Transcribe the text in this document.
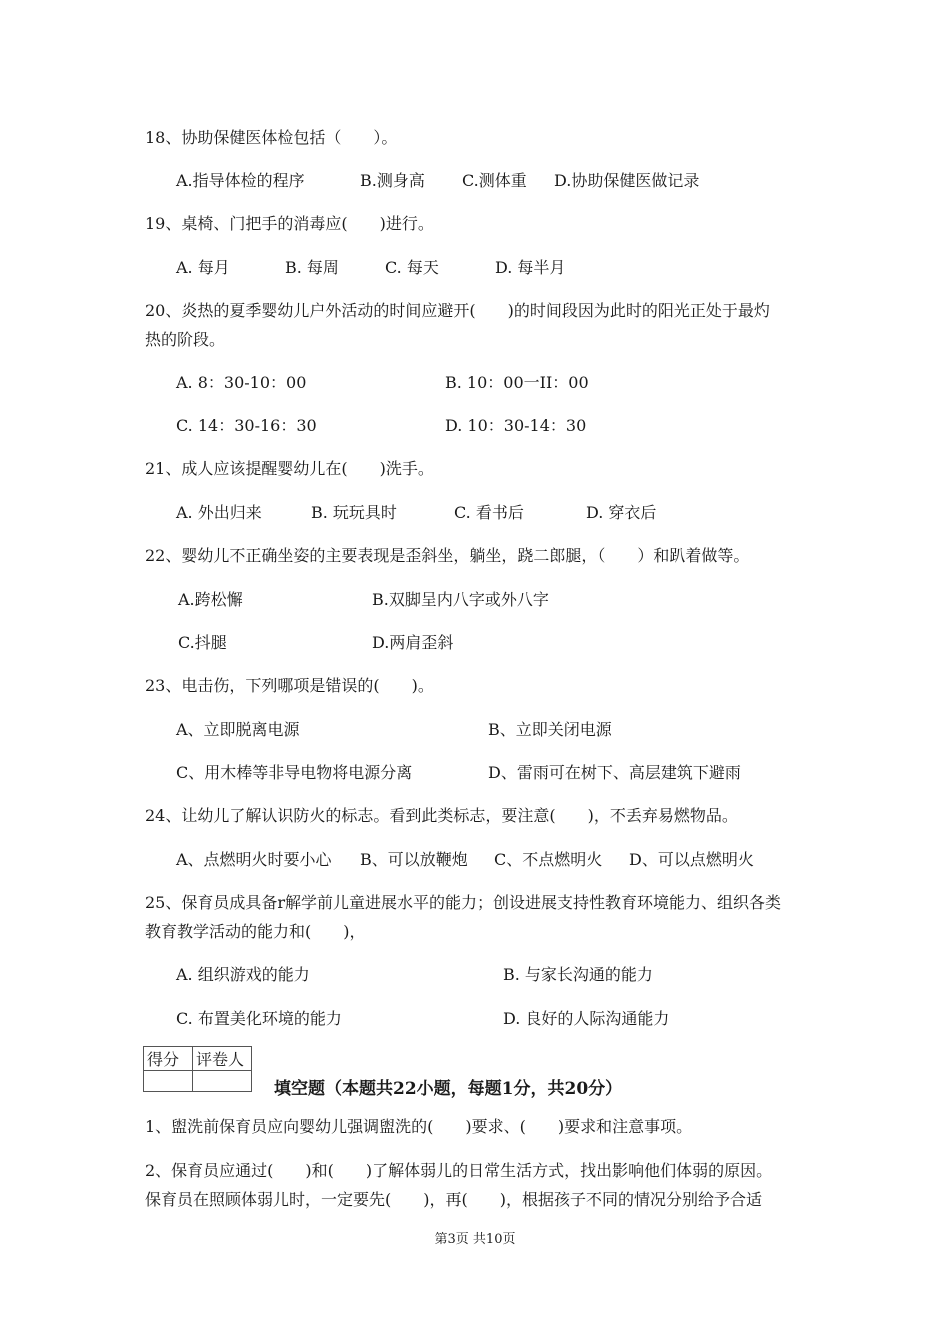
18、协助保健医体检包括（　　）。
A.指导体检的程序	B.测身高 C.测体重 D.协助保健医做记录
19、桌椅、门把手的消毒应(　　)进行。
A. 每月	B. 每周	C. 每天	D. 每半月
20、炎热的夏季婴幼儿户外活动的时间应避开(　　)的时间段因为此时的阳光正处于最灼
热的阶段。
A. 8：30-10：00	B. 10：00一II：00
C. 14：30-16：30	D. 10：30-14：30
21、成人应该提醒婴幼儿在(　　)洗手。
A. 外出归来	B. 玩玩具时	C. 看书后	D. 穿衣后
22、婴幼儿不正确坐姿的主要表现是歪斜坐，躺坐，跷二郎腿，（　　）和趴着做等。
A.跨松懈	B.双脚呈内八字或外八字
C.抖腿	D.两肩歪斜
23、电击伤，下列哪项是错误的(　　)。
A、立即脱离电源	B、立即关闭电源
C、用木棒等非导电物将电源分离	D、雷雨可在树下、高层建筑下避雨
24、让幼儿了解认识防火的标志。看到此类标志，要注意(　　)，不丢弃易燃物品。
A、点燃明火时要小心 B、可以放鞭炮 C、不点燃明火 D、可以点燃明火
25、保育员成具备r解学前儿童进展水平的能力；创设进展支持性教育环境能力、组织各类
教育教学活动的能力和(　　)，
A. 组织游戏的能力	B. 与家长沟通的能力
C. 布置美化环境的能力	D. 良好的人际沟通能力
得分	评卷人

填空题（本题共22小题，每题1分，共20分）
1、盥洗前保育员应向婴幼儿强调盥洗的(　　)要求、(　　)要求和注意事项。
2、保育员应通过(　　)和(　　)了解体弱儿的日常生活方式，找出影响他们体弱的原因。
保育员在照顾体弱儿时，一定要先(　　)，再(　　)，根据孩子不同的情况分别给予合适
第3页 共10页
